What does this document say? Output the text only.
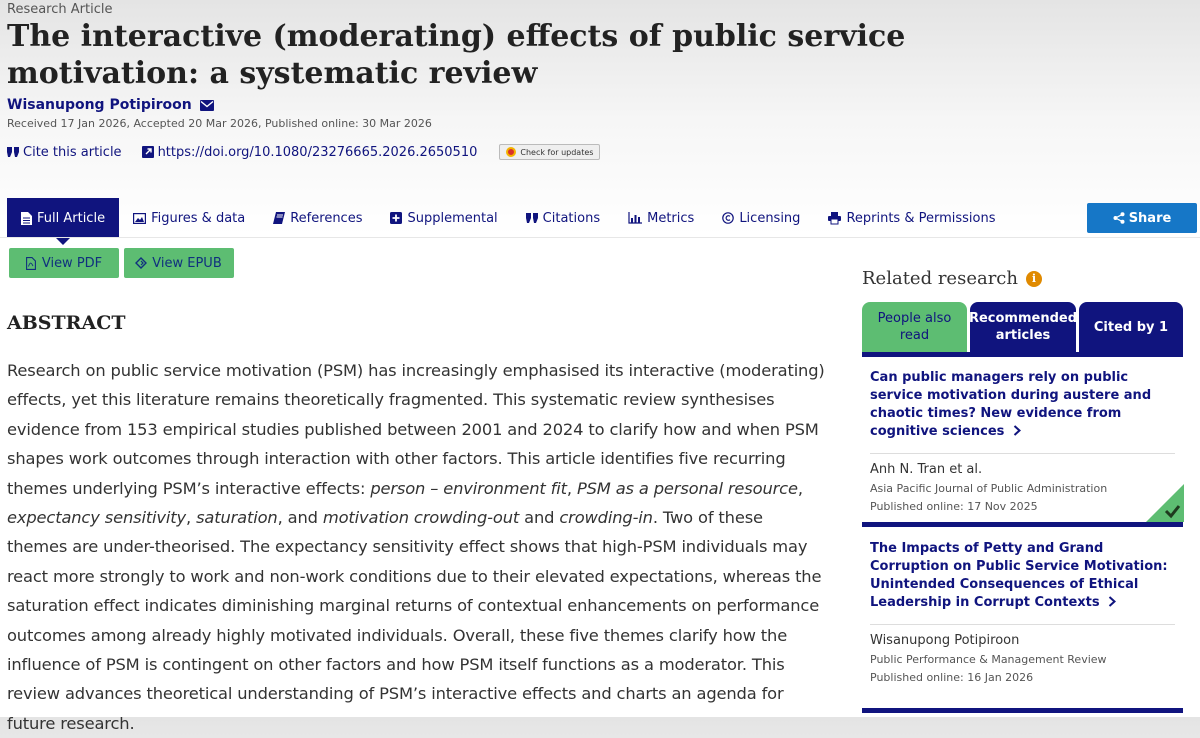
Research Article
The interactive (moderating) effects of public service motivation: a systematic review
Wisanupong Potipiroon
Received 17 Jan 2026, Accepted 20 Mar 2026, Published online: 30 Mar 2026
Cite this article	https://doi.org/10.1080/23276665.2026.2650510	Check for updates
Full Article	Figures & data	References	Supplemental	Citations	Metrics	Licensing	Reprints & Permissions	Share
View PDF	View EPUB
ABSTRACT

Research on public service motivation (PSM) has increasingly emphasised its interactive (moderating) effects, yet this literature remains theoretically fragmented. This systematic review synthesises evidence from 153 empirical studies published between 2001 and 2024 to clarify how and when PSM shapes work outcomes through interaction with other factors. This article identifies five recurring themes underlying PSM’s interactive effects: person – environment fit, PSM as a personal resource, expectancy sensitivity, saturation, and motivation crowding-out and crowding-in. Two of these themes are under-theorised. The expectancy sensitivity effect shows that high-PSM individuals may react more strongly to work and non-work conditions due to their elevated expectations, whereas the saturation effect indicates diminishing marginal returns of contextual enhancements on performance outcomes among already highly motivated individuals. Overall, these five themes clarify how the influence of PSM is contingent on other factors and how PSM itself functions as a moderator. This review advances theoretical understanding of PSM’s interactive effects and charts an agenda for future research.

Related research	i
People also read
Recommended articles
Cited by 1
Can public managers rely on public service motivation during austere and chaotic times? New evidence from cognitive sciences
Anh N. Tran et al.
Asia Pacific Journal of Public Administration
Published online: 17 Nov 2025
The Impacts of Petty and Grand Corruption on Public Service Motivation: Unintended Consequences of Ethical Leadership in Corrupt Contexts
Wisanupong Potipiroon
Public Performance & Management Review
Published online: 16 Jan 2026
